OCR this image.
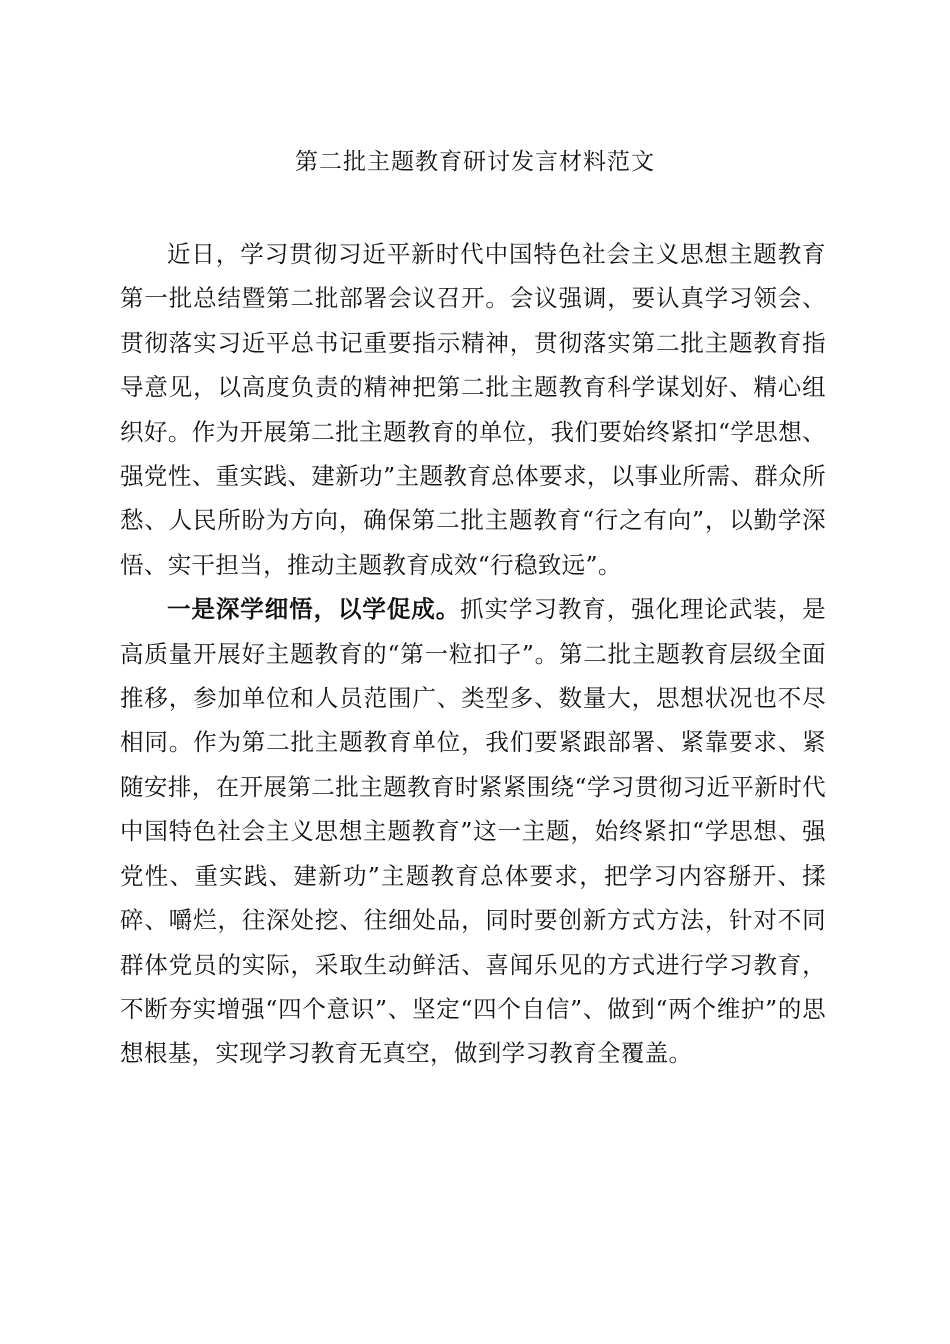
第二批主题教育研讨发言材料范文

近日，学习贯彻习近平新时代中国特色社会主义思想主题教育第一批总结暨第二批部署会议召开。会议强调，要认真学习领会、贯彻落实习近平总书记重要指示精神，贯彻落实第二批主题教育指导意见，以高度负责的精神把第二批主题教育科学谋划好、精心组织好。作为开展第二批主题教育的单位，我们要始终紧扣“学思想、强党性、重实践、建新功”主题教育总体要求，以事业所需、群众所愁、人民所盼为方向，确保第二批主题教育“行之有向”，以勤学深悟、实干担当，推动主题教育成效“行稳致远”。

一是深学细悟，以学促成。抓实学习教育，强化理论武装，是高质量开展好主题教育的“第一粒扣子”。第二批主题教育层级全面推移，参加单位和人员范围广、类型多、数量大，思想状况也不尽相同。作为第二批主题教育单位，我们要紧跟部署、紧靠要求、紧随安排，在开展第二批主题教育时紧紧围绕“学习贯彻习近平新时代中国特色社会主义思想主题教育”这一主题，始终紧扣“学思想、强党性、重实践、建新功”主题教育总体要求，把学习内容掰开、揉碎、嚼烂，往深处挖、往细处品，同时要创新方式方法，针对不同群体党员的实际，采取生动鲜活、喜闻乐见的方式进行学习教育，不断夯实增强“四个意识”、坚定“四个自信”、做到“两个维护”的思想根基，实现学习教育无真空，做到学习教育全覆盖。
